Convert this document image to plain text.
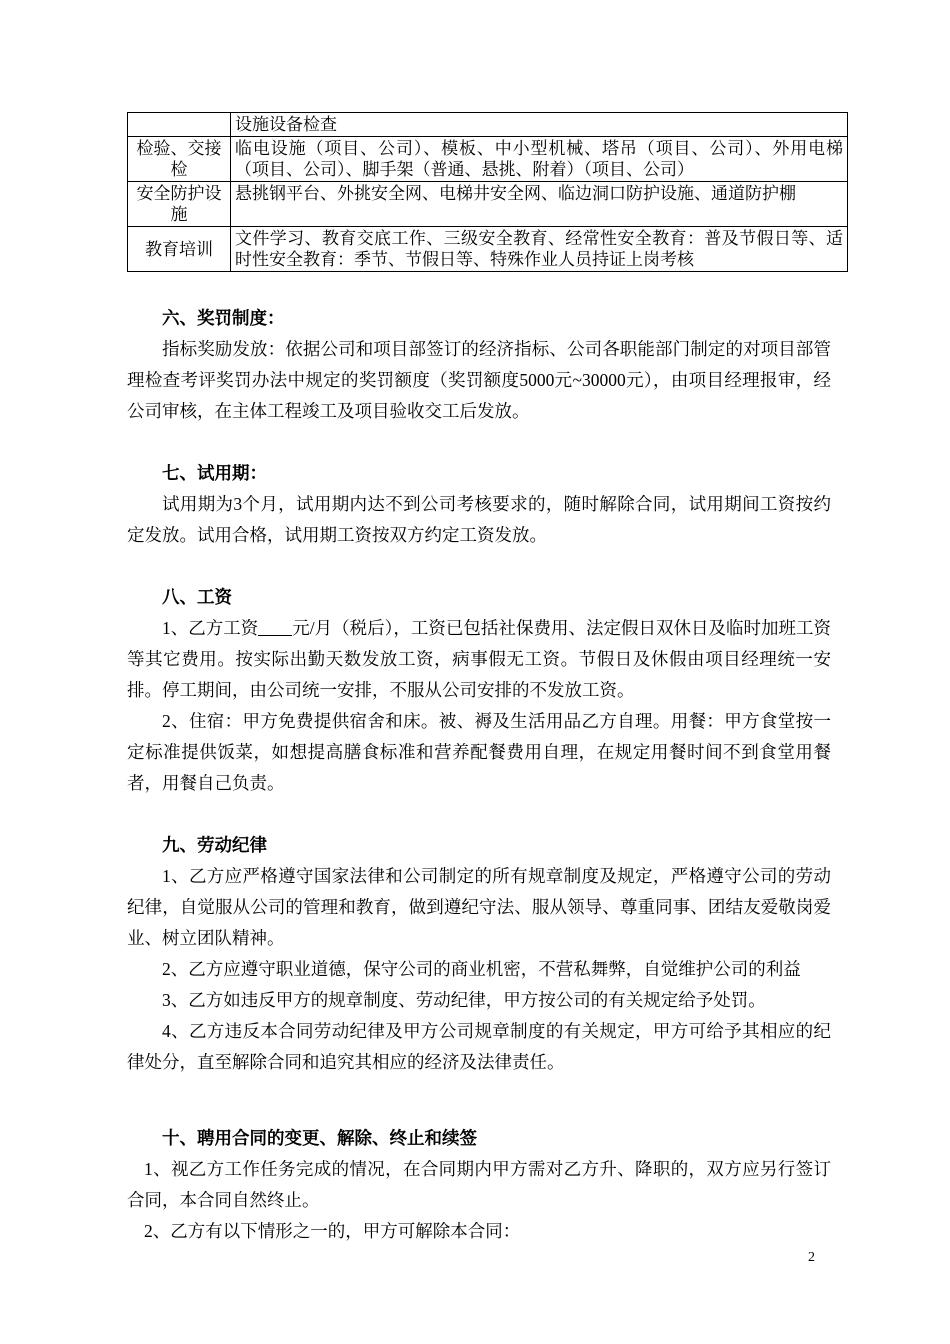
	设施设备检查
检验、交接检	临电设施（项目、公司）、模板、中小型机械、塔吊（项目、公司）、外用电梯（项目、公司）、脚手架（普通、悬挑、附着）（项目、公司）
安全防护设施	悬挑钢平台、外挑安全网、电梯井安全网、临边洞口防护设施、通道防护棚
教育培训	文件学习、教育交底工作、三级安全教育、经常性安全教育：普及节假日等、适时性安全教育：季节、节假日等、特殊作业人员持证上岗考核
六、奖罚制度：

指标奖励发放：依据公司和项目部签订的经济指标、公司各职能部门制定的对项目部管理检查考评奖罚办法中规定的奖罚额度（奖罚额度5000元~30000元），由项目经理报审，经公司审核，在主体工程竣工及项目验收交工后发放。

七、试用期：

试用期为3个月，试用期内达不到公司考核要求的，随时解除合同，试用期间工资按约定发放。试用合格，试用期工资按双方约定工资发放。

八、工资

1、乙方工资 元/月（税后），工资已包括社保费用、法定假日双休日及临时加班工资等其它费用。按实际出勤天数发放工资，病事假无工资。节假日及休假由项目经理统一安排。停工期间，由公司统一安排，不服从公司安排的不发放工资。

2、住宿：甲方免费提供宿舍和床。被、褥及生活用品乙方自理。用餐：甲方食堂按一定标准提供饭菜，如想提高膳食标准和营养配餐费用自理，在规定用餐时间不到食堂用餐者，用餐自己负责。

九、劳动纪律

1、乙方应严格遵守国家法律和公司制定的所有规章制度及规定，严格遵守公司的劳动纪律，自觉服从公司的管理和教育，做到遵纪守法、服从领导、尊重同事、团结友爱敬岗爱业、树立团队精神。

2、乙方应遵守职业道德，保守公司的商业机密，不营私舞弊，自觉维护公司的利益

3、乙方如违反甲方的规章制度、劳动纪律，甲方按公司的有关规定给予处罚。

4、乙方违反本合同劳动纪律及甲方公司规章制度的有关规定，甲方可给予其相应的纪律处分，直至解除合同和追究其相应的经济及法律责任。

十、聘用合同的变更、解除、终止和续签

1、视乙方工作任务完成的情况，在合同期内甲方需对乙方升、降职的，双方应另行签订合同，本合同自然终止。

2、乙方有以下情形之一的，甲方可解除本合同：

2
